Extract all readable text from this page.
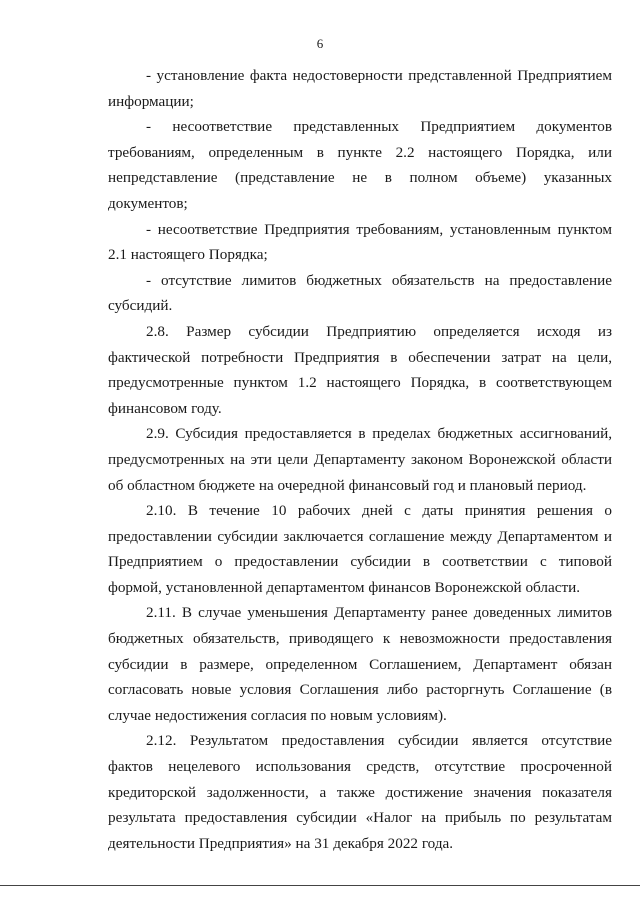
6

- установление факта недостоверности представленной Предприятием информации;

- несоответствие представленных Предприятием документов требованиям, определенным в пункте 2.2 настоящего Порядка, или непредставление (представление не в полном объеме) указанных документов;

- несоответствие Предприятия требованиям, установленным пунктом 2.1 настоящего Порядка;

- отсутствие лимитов бюджетных обязательств на предоставление субсидий.

2.8. Размер субсидии Предприятию определяется исходя из фактической потребности Предприятия в обеспечении затрат на цели, предусмотренные пунктом 1.2 настоящего Порядка, в соответствующем финансовом году.

2.9. Субсидия предоставляется в пределах бюджетных ассигнований, предусмотренных на эти цели Департаменту законом Воронежской области об областном бюджете на очередной финансовый год и плановый период.

2.10. В течение 10 рабочих дней с даты принятия решения о предоставлении субсидии заключается соглашение между Департаментом и Предприятием о предоставлении субсидии в соответствии с типовой формой, установленной департаментом финансов Воронежской области.

2.11. В случае уменьшения Департаменту ранее доведенных лимитов бюджетных обязательств, приводящего к невозможности предоставления субсидии в размере, определенном Соглашением, Департамент обязан согласовать новые условия Соглашения либо расторгнуть Соглашение (в случае недостижения согласия по новым условиям).

2.12. Результатом предоставления субсидии является отсутствие фактов нецелевого использования средств, отсутствие просроченной кредиторской задолженности, а также достижение значения показателя результата предоставления субсидии «Налог на прибыль по результатам деятельности Предприятия» на 31 декабря 2022 года.
